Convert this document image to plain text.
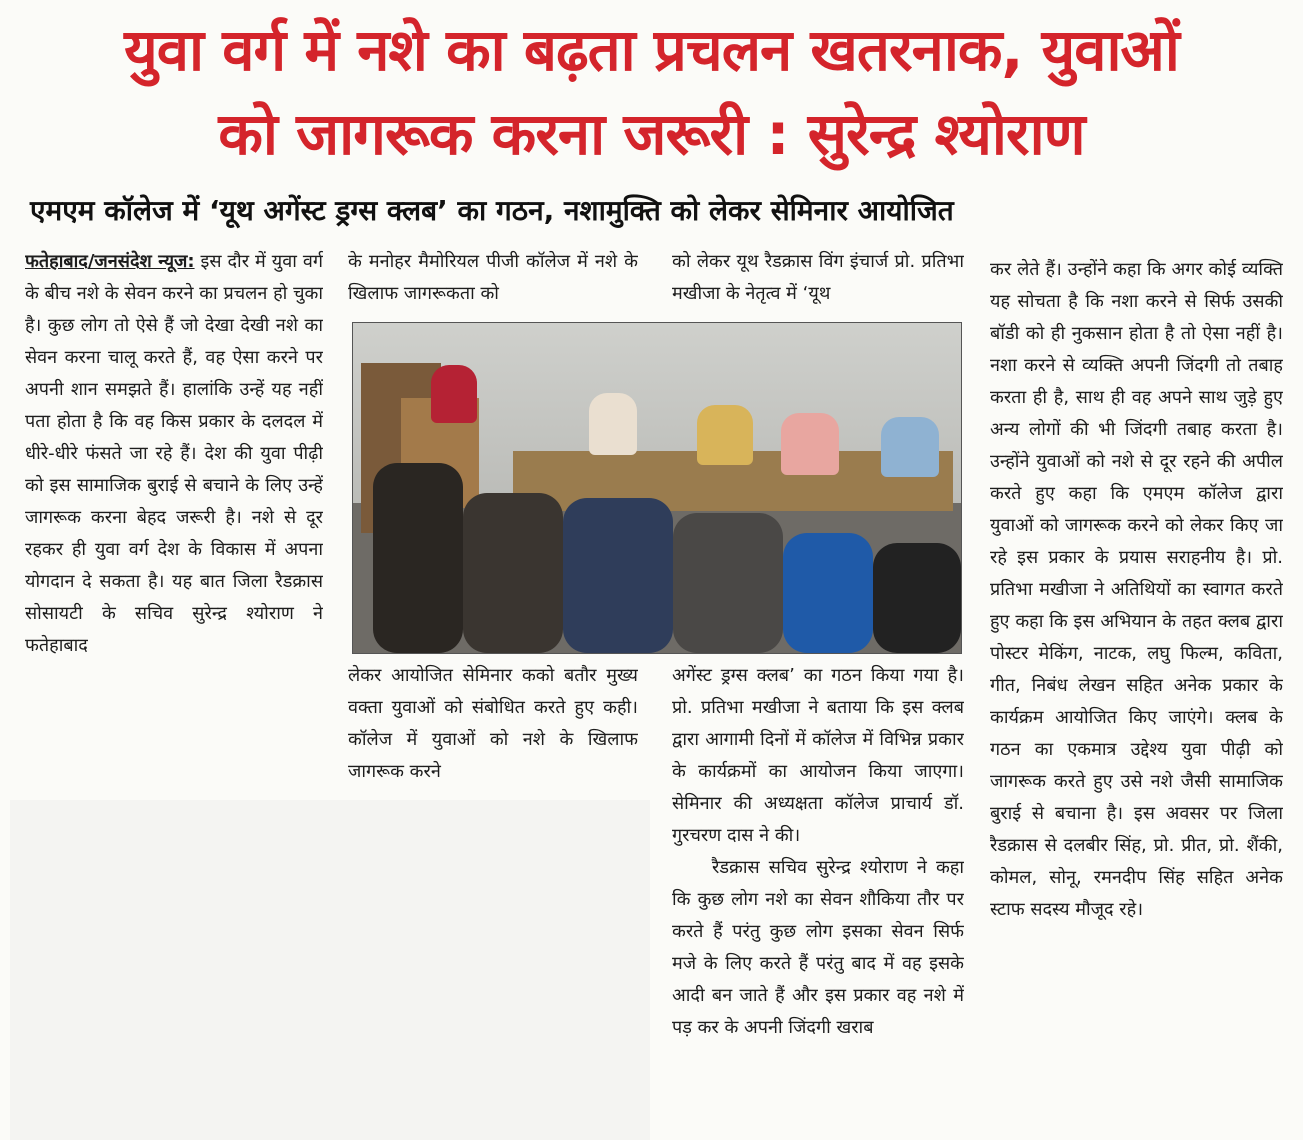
युवा वर्ग में नशे का बढ़ता प्रचलन खतरनाक, युवाओं
को जागरूक करना जरूरी : सुरेन्द्र श्योराण
एमएम कॉलेज में ‘यूथ अगेंस्ट ड्रग्स क्लब’ का गठन, नशामुक्ति को लेकर सेमिनार आयोजित

फतेहाबाद/जनसंदेश न्यूज: इस दौर में युवा वर्ग के बीच नशे के सेवन करने का प्रचलन हो चुका है। कुछ लोग तो ऐसे हैं जो देखा देखी नशे का सेवन करना चालू करते हैं, वह ऐसा करने पर अपनी शान समझते हैं। हालांकि उन्हें यह नहीं पता होता है कि वह किस प्रकार के दलदल में धीरे-धीरे फंसते जा रहे हैं। देश की युवा पीढ़ी को इस सामाजिक बुराई से बचाने के लिए उन्हें जागरूक करना बेहद जरूरी है। नशे से दूर रहकर ही युवा वर्ग देश के विकास में अपना योगदान दे सकता है। यह बात जिला रैडक्रास सोसायटी के सचिव सुरेन्द्र श्योराण ने फतेहाबाद

के मनोहर मैमोरियल पीजी कॉलेज में नशे के खिलाफ जागरूकता को

को लेकर यूथ रैडक्रास विंग इंचार्ज प्रो. प्रतिभा मखीजा के नेतृत्व में ‘यूथ

लेकर आयोजित सेमिनार कको बतौर मुख्य वक्ता युवाओं को संबोधित करते हुए कही। कॉलेज में युवाओं को नशे के खिलाफ जागरूक करने

अगेंस्ट ड्रग्स क्लब’ का गठन किया गया है। प्रो. प्रतिभा मखीजा ने बताया कि इस क्लब द्वारा आगामी दिनों में कॉलेज में विभिन्न प्रकार के कार्यक्रमों का आयोजन किया जाएगा। सेमिनार की अध्यक्षता कॉलेज प्राचार्य डॉ. गुरचरण दास ने की।

रैडक्रास सचिव सुरेन्द्र श्योराण ने कहा कि कुछ लोग नशे का सेवन शौकिया तौर पर करते हैं परंतु कुछ लोग इसका सेवन सिर्फ मजे के लिए करते हैं परंतु बाद में वह इसके आदी बन जाते हैं और इस प्रकार वह नशे में पड़ कर के अपनी जिंदगी खराब

कर लेते हैं। उन्होंने कहा कि अगर कोई व्यक्ति यह सोचता है कि नशा करने से सिर्फ उसकी बॉडी को ही नुकसान होता है तो ऐसा नहीं है। नशा करने से व्यक्ति अपनी जिंदगी तो तबाह करता ही है, साथ ही वह अपने साथ जुड़े हुए अन्य लोगों की भी जिंदगी तबाह करता है। उन्होंने युवाओं को नशे से दूर रहने की अपील करते हुए कहा कि एमएम कॉलेज द्वारा युवाओं को जागरूक करने को लेकर किए जा रहे इस प्रकार के प्रयास सराहनीय है। प्रो. प्रतिभा मखीजा ने अतिथियों का स्वागत करते हुए कहा कि इस अभियान के तहत क्लब द्वारा पोस्टर मेकिंग, नाटक, लघु फिल्म, कविता, गीत, निबंध लेखन सहित अनेक प्रकार के कार्यक्रम आयोजित किए जाएंगे। क्लब के गठन का एकमात्र उद्देश्य युवा पीढ़ी को जागरूक करते हुए उसे नशे जैसी सामाजिक बुराई से बचाना है। इस अवसर पर जिला रैडक्रास से दलबीर सिंह, प्रो. प्रीत, प्रो. शैंकी, कोमल, सोनू, रमनदीप सिंह सहित अनेक स्टाफ सदस्य मौजूद रहे।
